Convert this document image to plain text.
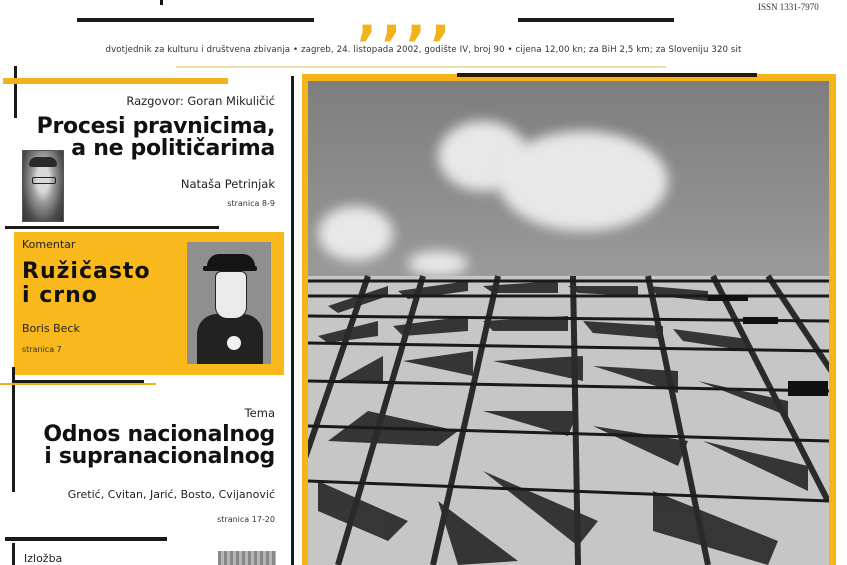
‚‚‚‚	ISSN 1331-7970
dvotjednik za kulturu i društvena zbivanja • zagreb, 24. listopada 2002, godište IV, broj 90 • cijena 12,00 kn; za BiH 2,5 km; za Sloveniju 320 sit
Razgovor: Goran Mikuličić
Procesi pravnicima,
a ne političarima
Nataša Petrinjak
stranica 8-9
Komentar
Ružičasto
i crno
Boris Beck
stranica 7
Tema
Odnos nacionalnog
i supranacionalnog
Gretić, Cvitan, Jarić, Bosto, Cvijanović
stranica 17-20
Izložba
